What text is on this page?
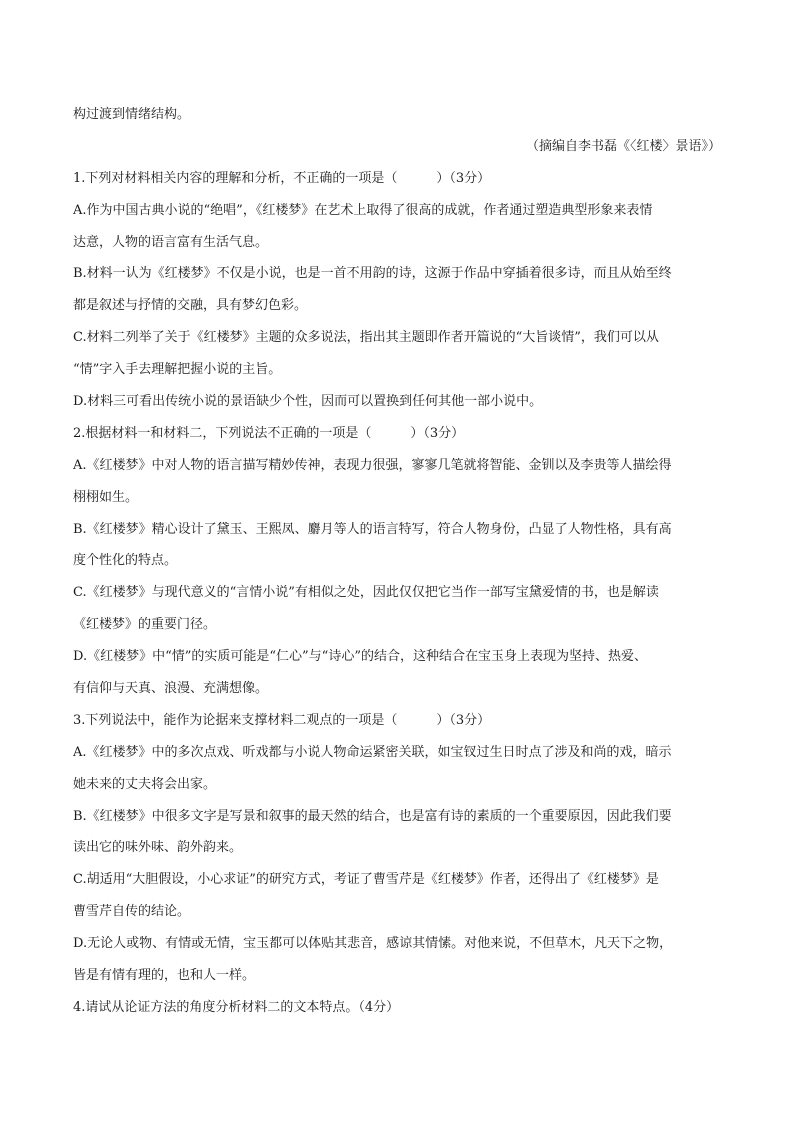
构过渡到情绪结构。
（摘编自李书磊《〈红楼〉景语》）
1.下列对材料相关内容的理解和分析，不正确的一项是（　　　）（3分）
A.作为中国古典小说的“绝唱”，《红楼梦》在艺术上取得了很高的成就，作者通过塑造典型形象来表情
达意，人物的语言富有生活气息。
B.材料一认为《红楼梦》不仅是小说，也是一首不用韵的诗，这源于作品中穿插着很多诗，而且从始至终
都是叙述与抒情的交融，具有梦幻色彩。
C.材料二列举了关于《红楼梦》主题的众多说法，指出其主题即作者开篇说的“大旨谈情”，我们可以从
“情”字入手去理解把握小说的主旨。
D.材料三可看出传统小说的景语缺少个性，因而可以置换到任何其他一部小说中。
2.根据材料一和材料二，下列说法不正确的一项是（　　　）（3分）
A.《红楼梦》中对人物的语言描写精妙传神，表现力很强，寥寥几笔就将智能、金钏以及李贵等人描绘得
栩栩如生。
B.《红楼梦》精心设计了黛玉、王熙凤、麝月等人的语言特写，符合人物身份，凸显了人物性格，具有高
度个性化的特点。
C.《红楼梦》与现代意义的“言情小说”有相似之处，因此仅仅把它当作一部写宝黛爱情的书，也是解读
《红楼梦》的重要门径。
D.《红楼梦》中“情”的实质可能是“仁心”与“诗心”的结合，这种结合在宝玉身上表现为坚持、热爱、
有信仰与天真、浪漫、充满想像。
3.下列说法中，能作为论据来支撑材料二观点的一项是（　　　）（3分）
A.《红楼梦》中的多次点戏、听戏都与小说人物命运紧密关联，如宝钗过生日时点了涉及和尚的戏，暗示
她未来的丈夫将会出家。
B.《红楼梦》中很多文字是写景和叙事的最天然的结合，也是富有诗的素质的一个重要原因，因此我们要
读出它的味外味、韵外韵来。
C.胡适用“大胆假设，小心求证”的研究方式，考证了曹雪芹是《红楼梦》作者，还得出了《红楼梦》是
曹雪芹自传的结论。
D.无论人或物、有情或无情，宝玉都可以体贴其悲音，感谅其情愫。对他来说，不但草木，凡天下之物，
皆是有情有理的，也和人一样。
4.请试从论证方法的角度分析材料二的文本特点。（4分）
